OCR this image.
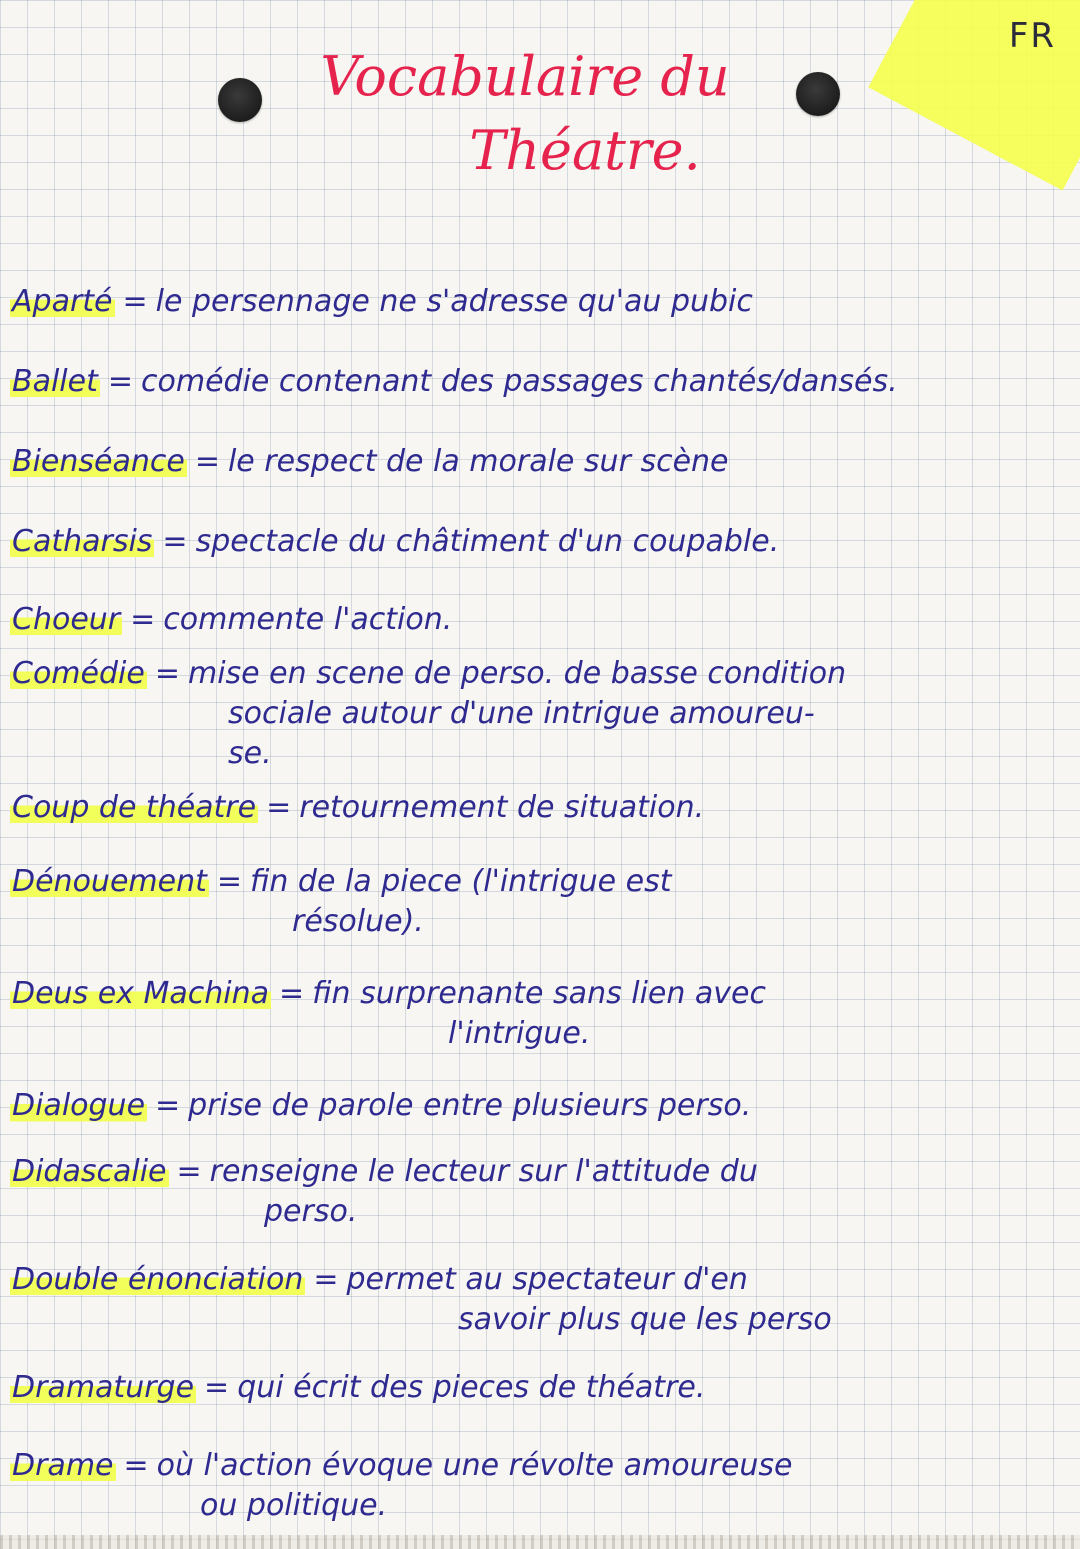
FR
Vocabulaire du
Théatre.
Aparté = le persennage ne s'adresse qu'au pubic
Ballet = comédie contenant des passages chantés/dansés.
Bienséance = le respect de la morale sur scène
Catharsis = spectacle du châtiment d'un coupable.
Choeur = commente l'action.
Comédie = mise en scene de perso. de basse condition
sociale autour d'une intrigue amoureu-
se.
Coup de théatre = retournement de situation.
Dénouement = fin de la piece (l'intrigue est
résolue).
Deus ex Machina = fin surprenante sans lien avec
l'intrigue.
Dialogue = prise de parole entre plusieurs perso.
Didascalie = renseigne le lecteur sur l'attitude du
perso.
Double énonciation = permet au spectateur d'en
savoir plus que les perso
Dramaturge = qui écrit des pieces de théatre.
Drame = où l'action évoque une révolte amoureuse
ou politique.
